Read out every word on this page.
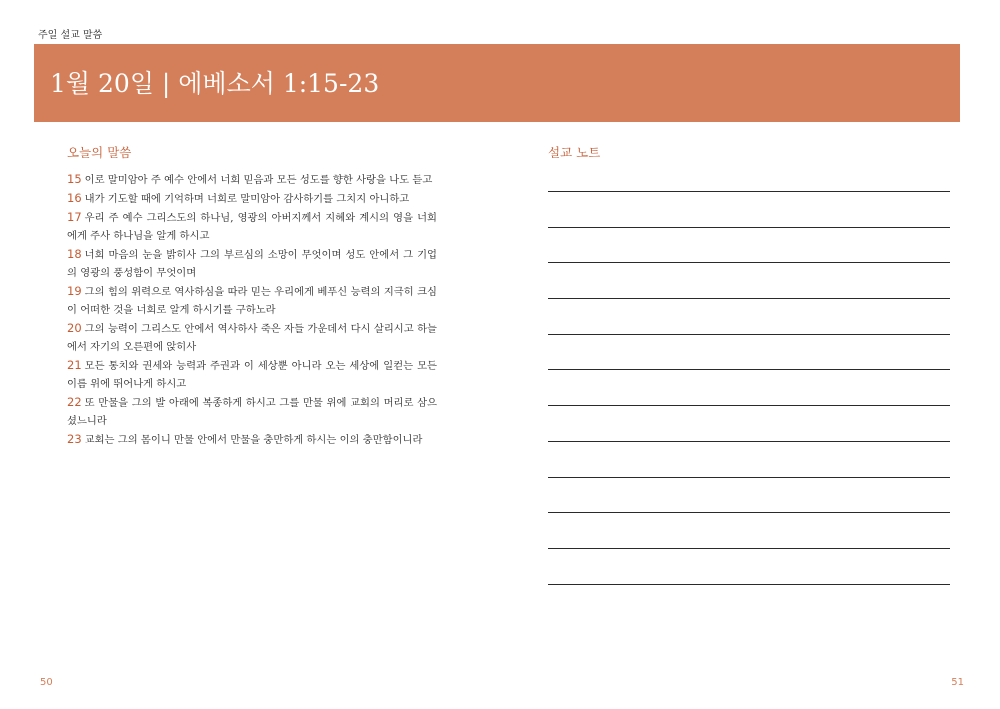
주일 설교 말씀
1월 20일 | 에베소서 1:15-23
오늘의 말씀

15 이로 말미암아 주 예수 안에서 너희 믿음과 모든 성도를 향한 사랑을 나도 듣고

16 내가 기도할 때에 기억하며 너희로 말미암아 감사하기를 그치지 아니하고

17 우리 주 예수 그리스도의 하나님, 영광의 아버지께서 지혜와 계시의 영을 너희에게 주사 하나님을 알게 하시고

18 너희 마음의 눈을 밝히사 그의 부르심의 소망이 무엇이며 성도 안에서 그 기업의 영광의 풍성함이 무엇이며

19 그의 힘의 위력으로 역사하심을 따라 믿는 우리에게 베푸신 능력의 지극히 크심이 어떠한 것을 너희로 알게 하시기를 구하노라

20 그의 능력이 그리스도 안에서 역사하사 죽은 자들 가운데서 다시 살리시고 하늘에서 자기의 오른편에 앉히사

21 모든 통치와 권세와 능력과 주권과 이 세상뿐 아니라 오는 세상에 일컫는 모든 이름 위에 뛰어나게 하시고

22 또 만물을 그의 발 아래에 복종하게 하시고 그를 만물 위에 교회의 머리로 삼으셨느니라

23 교회는 그의 몸이니 만물 안에서 만물을 충만하게 하시는 이의 충만함이니라

설교 노트
50	51
